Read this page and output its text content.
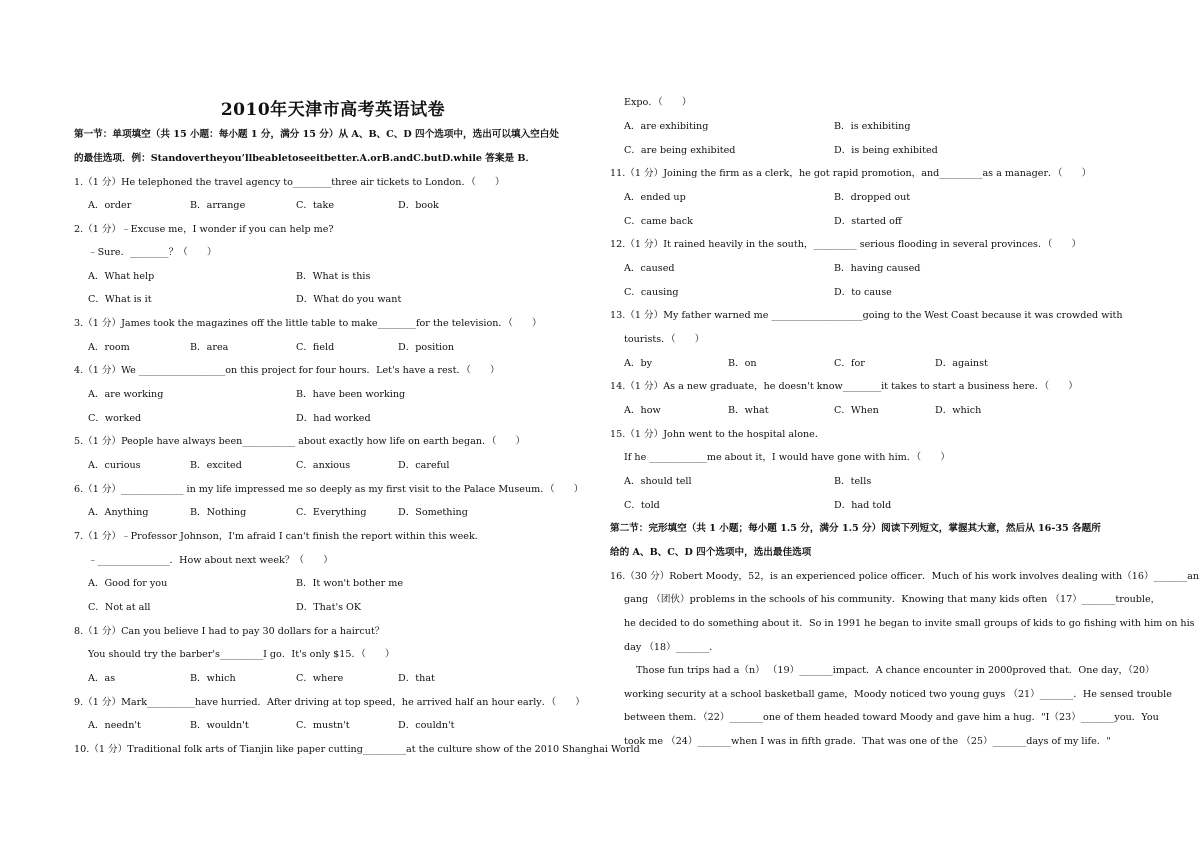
2010年天津市高考英语试卷
第一节：单项填空（共 15 小题：每小题 1 分，满分 15 分）从 A、B、C、D 四个选项中，选出可以填入空白处
的最佳选项．例：Standovertheyou’llbeabletoseeitbetter.A.orB.andC.butD.while 答案是 B．
1.（1 分）He telephoned the travel agency to________three air tickets to London．（　　）
A．order	B．arrange	C．take	D．book
2.（1 分）﹣Excuse me，I wonder if you can help me?
﹣Sure．________？（　　）
A．What help	B．What is this
C．What is it	D．What do you want
3.（1 分）James took the magazines off the little table to make________for the television．（　　）
A．room	B．area	C．field	D．position
4.（1 分）We __________________on this project for four hours．Let's have a rest．（　　）
A．are working	B．have been working
C．worked	D．had worked
5.（1 分）People have always been___________ about exactly how life on earth began．（　　）
A．curious	B．excited	C．anxious	D．careful
6.（1 分）_____________ in my life impressed me so deeply as my first visit to the Palace Museum．（　　）
A．Anything	B．Nothing	C．Everything	D．Something
7.（1 分）﹣Professor Johnson，I'm afraid I can't finish the report within this week．
﹣_______________．How about next week？（　　）
A．Good for you	B．It won't bother me
C．Not at all	D．That's OK
8.（1 分）Can you believe I had to pay 30 dollars for a haircut？
You should try the barber's_________I go．It's only $15．（　　）
A．as	B．which	C．where	D．that
9.（1 分）Mark__________have hurried．After driving at top speed，he arrived half an hour early．（　　）
A．needn't	B．wouldn't	C．mustn't	D．couldn't
10.（1 分）Traditional folk arts of Tianjin like paper cutting_________at the culture show of the 2010 Shanghai World
Expo．（　　）
A．are exhibiting	B．is exhibiting
C．are being exhibited	D．is being exhibited
11.（1 分）Joining the firm as a clerk，he got rapid promotion，and_________as a manager．（　　）
A．ended up	B．dropped out
C．came back	D．started off
12.（1 分）It rained heavily in the south，_________ serious flooding in several provinces．（　　）
A．caused	B．having caused
C．causing	D．to cause
13.（1 分）My father warned me ___________________going to the West Coast because it was crowded with
tourists．（　　）
A．by	B．on	C．for	D．against
14.（1 分）As a new graduate，he doesn't know________it takes to start a business here．（　　）
A．how	B．what	C．When	D．which
15.（1 分）John went to the hospital alone．
If he ____________me about it，I would have gone with him．（　　）
A．should tell	B．tells
C．told	D．had told
第二节：完形填空（共 1 小题；每小题 1.5 分，满分 1.5 分）阅读下列短文，掌握其大意，然后从 16-35 各题所
给的 A、B、C、D 四个选项中，选出最佳选项
16.（30 分）Robert Moody，52，is an experienced police officer．Much of his work involves dealing with（16）_______an
gang （团伙）problems in the schools of his community．Knowing that many kids often （17）_______trouble，
he decided to do something about it．So in 1991 he began to invite small groups of kids to go fishing with him on his
day （18）_______．
Those fun trips had a（n） （19）_______impact．A chance encounter in 2000proved that．One day，（20）
working security at a school basketball game，Moody noticed two young guys （21）_______．He sensed trouble
between them．（22）_______one of them headed toward Moody and gave him a hug．"I（23）_______you．You
took me （24）_______when I was in fifth grade．That was one of the （25）_______days of my life．"
